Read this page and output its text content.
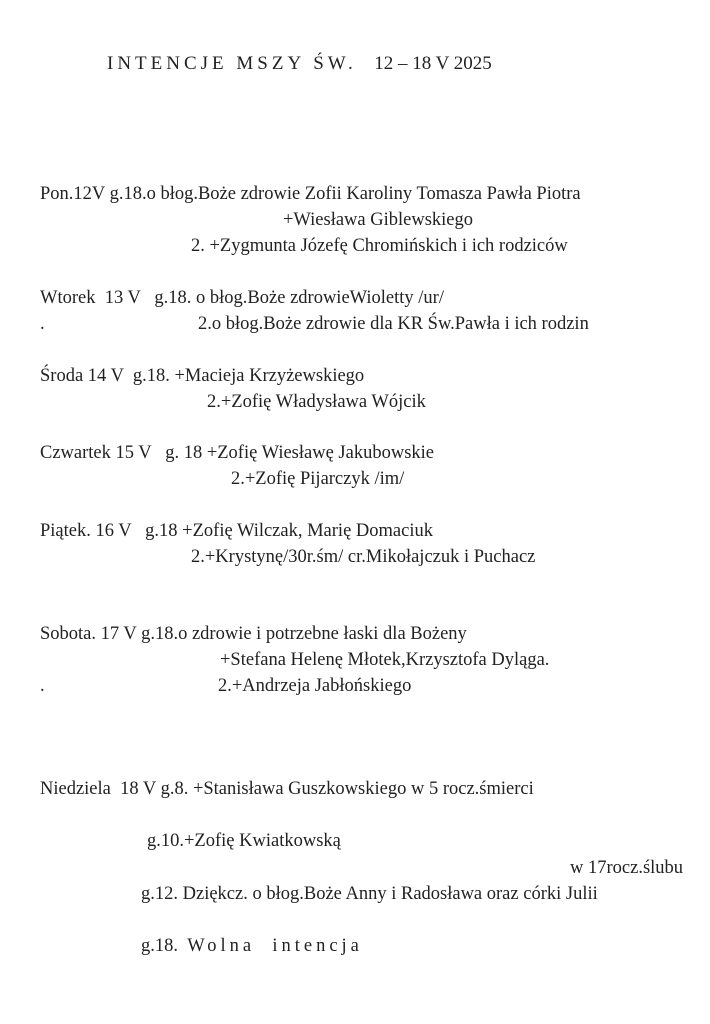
INTENCJE MSZY ŚW. 12 – 18 V 2025
Pon.12V g.18.o błog.Boże zdrowie Zofii Karoliny Tomasza Pawła Piotra
+Wiesława Giblewskiego
2. +Zygmunta Józefę Chromińskich i ich rodziców
Wtorek  13 V   g.18. o błog.Boże zdrowieWioletty /ur/
.	2.o błog.Boże zdrowie dla KR Św.Pawła i ich rodzin
Środa 14 V  g.18. +Macieja Krzyżewskiego
2.+Zofię Władysława Wójcik
Czwartek 15 V   g. 18 +Zofię Wiesławę Jakubowskie
2.+Zofię Pijarczyk /im/
Piątek. 16 V   g.18 +Zofię Wilczak, Marię Domaciuk
2.+Krystynę/30r.śm/ cr.Mikołajczuk i Puchacz
Sobota. 17 V g.18.o zdrowie i potrzebne łaski dla Bożeny
+Stefana Helenę Młotek,Krzysztofa Dyląga.
.	2.+Andrzeja Jabłońskiego
Niedziela  18 V g.8. +Stanisława Guszkowskiego w 5 rocz.śmierci
g.10.+Zofię Kwiatkowską
w 17rocz.ślubu
g.12. Dziękcz. o błog.Boże Anny i Radosława oraz córki Julii
g.18. Wolna  intencja
